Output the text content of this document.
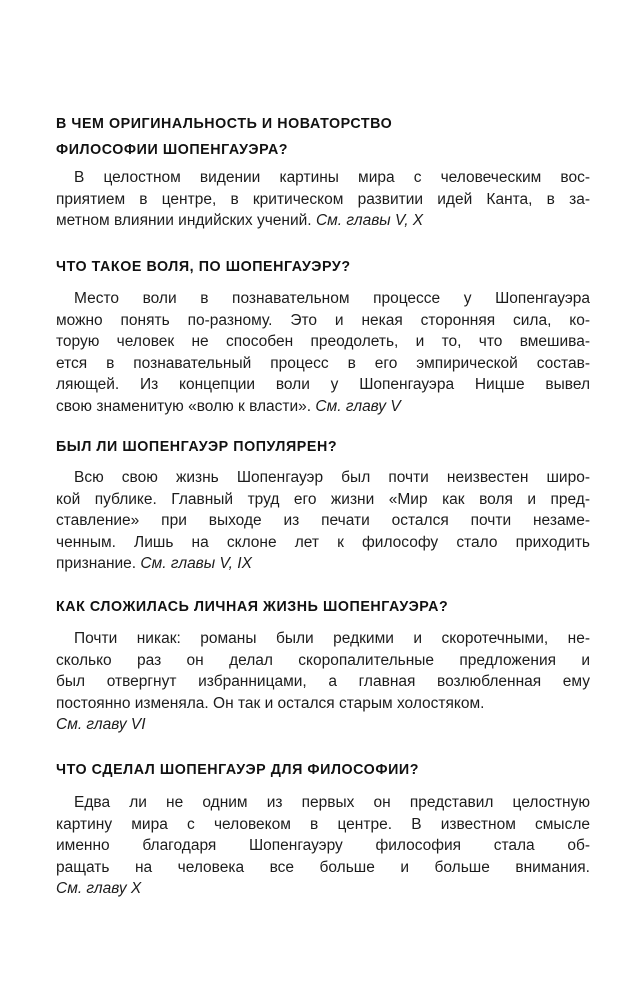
В ЧЕМ ОРИГИНАЛЬНОСТЬ И НОВАТОРСТВО
ФИЛОСОФИИ ШОПЕНГАУЭРА?
В целостном видении картины мира с человеческим вос-
приятием в центре, в критическом развитии идей Канта, в за-
метном влиянии индийских учений. См. главы V, X
ЧТО ТАКОЕ ВОЛЯ, ПО ШОПЕНГАУЭРУ?
Место воли в познавательном процессе у Шопенгауэра
можно понять по-разному. Это и некая сторонняя сила, ко-
торую человек не способен преодолеть, и то, что вмешива-
ется в познавательный процесс в его эмпирической состав-
ляющей. Из концепции воли у Шопенгауэра Ницше вывел
свою знаменитую «волю к власти». См. главу V
БЫЛ ЛИ ШОПЕНГАУЭР ПОПУЛЯРЕН?
Всю свою жизнь Шопенгауэр был почти неизвестен широ-
кой публике. Главный труд его жизни «Мир как воля и пред-
ставление» при выходе из печати остался почти незаме-
ченным. Лишь на склоне лет к философу стало приходить
признание. См. главы V, IX
КАК СЛОЖИЛАСЬ ЛИЧНАЯ ЖИЗНЬ ШОПЕНГАУЭРА?
Почти никак: романы были редкими и скоротечными, не-
сколько раз он делал скоропалительные предложения и
был отвергнут избранницами, а главная возлюбленная ему
постоянно изменяла. Он так и остался старым холостяком.
См. главу VI
ЧТО СДЕЛАЛ ШОПЕНГАУЭР ДЛЯ ФИЛОСОФИИ?
Едва ли не одним из первых он представил целостную
картину мира с человеком в центре. В известном смысле
именно благодаря Шопенгауэру философия стала об-
ращать на человека все больше и больше внимания.
См. главу X
